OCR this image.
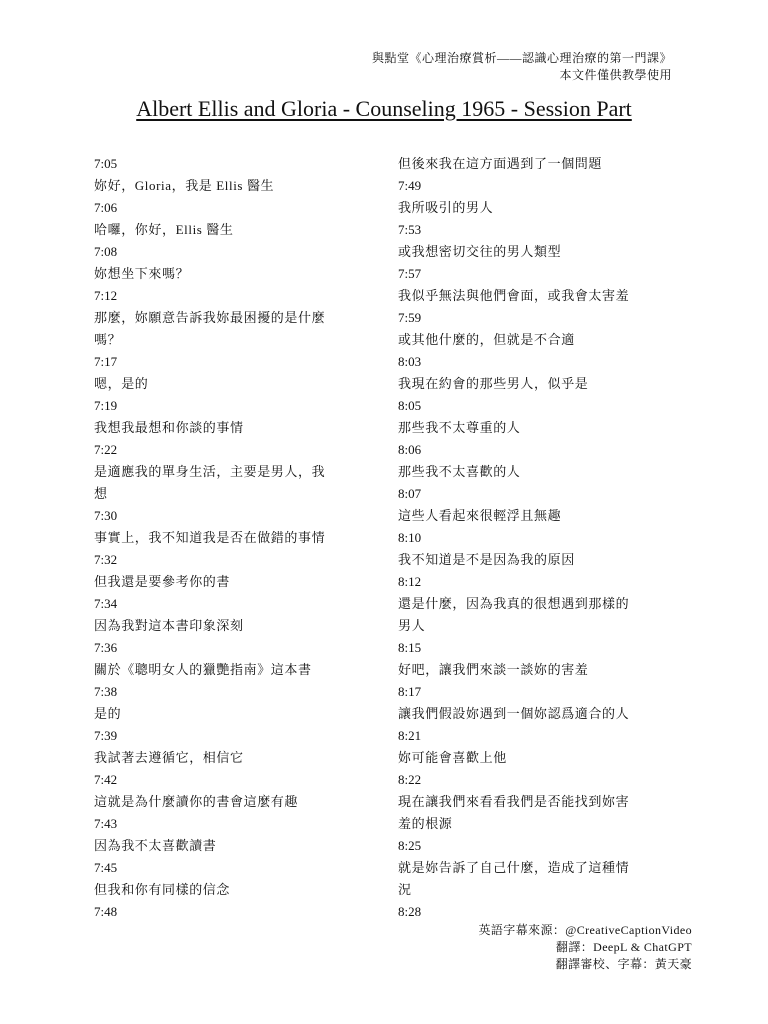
與點堂《心理治療賞析——認識心理治療的第一門課》
本文件僅供教學使用
Albert Ellis and Gloria - Counseling 1965 - Session Part
7:05
妳好，Gloria，我是 Ellis 醫生
7:06
哈囉，你好，Ellis 醫生
7:08
妳想坐下來嗎？
7:12
那麼，妳願意告訴我妳最困擾的是什麼
嗎？
7:17
嗯，是的
7:19
我想我最想和你談的事情
7:22
是適應我的單身生活，主要是男人，我
想
7:30
事實上，我不知道我是否在做錯的事情
7:32
但我還是要參考你的書
7:34
因為我對這本書印象深刻
7:36
關於《聰明女人的獵艷指南》這本書
7:38
是的
7:39
我試著去遵循它，相信它
7:42
這就是為什麼讀你的書會這麼有趣
7:43
因為我不太喜歡讀書
7:45
但我和你有同樣的信念
7:48
但後來我在這方面遇到了一個問題
7:49
我所吸引的男人
7:53
或我想密切交往的男人類型
7:57
我似乎無法與他們會面，或我會太害羞
7:59
或其他什麼的，但就是不合適
8:03
我現在約會的那些男人，似乎是
8:05
那些我不太尊重的人
8:06
那些我不太喜歡的人
8:07
這些人看起來很輕浮且無趣
8:10
我不知道是不是因為我的原因
8:12
還是什麼，因為我真的很想遇到那樣的
男人
8:15
好吧，讓我們來談一談妳的害羞
8:17
讓我們假設妳遇到一個妳認爲適合的人
8:21
妳可能會喜歡上他
8:22
現在讓我們來看看我們是否能找到妳害
羞的根源
8:25
就是妳告訴了自己什麼，造成了這種情
況
8:28
英語字幕來源：@CreativeCaptionVideo
翻譯：DeepL & ChatGPT
翻譯審校、字幕：黃天豪
